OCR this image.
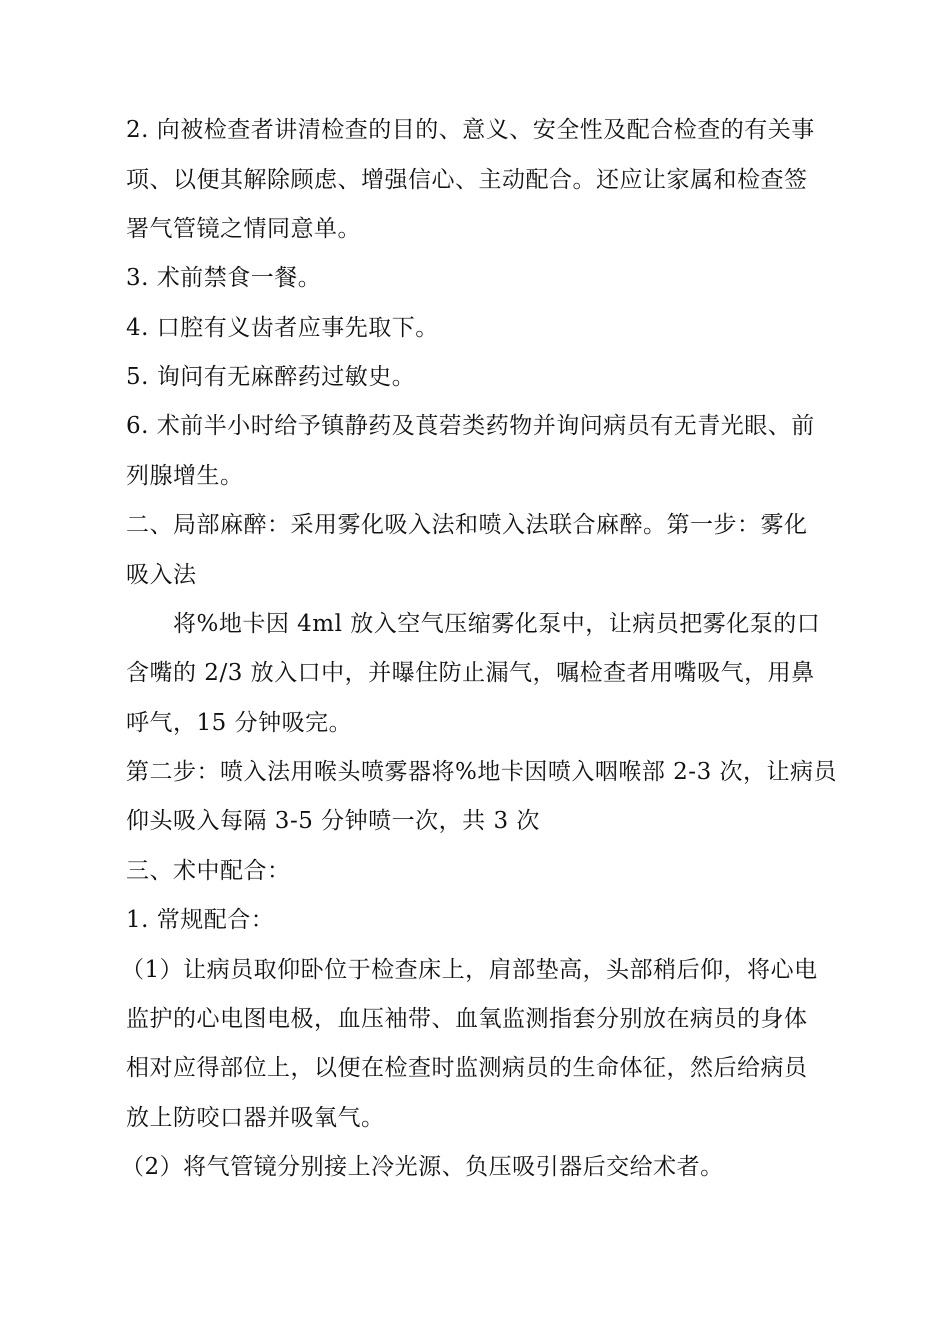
2. 向被检查者讲清检查的目的、意义、安全性及配合检查的有关事
项、以便其解除顾虑、增强信心、主动配合。还应让家属和检查签
署气管镜之情同意单。
3. 术前禁食一餐。
4. 口腔有义齿者应事先取下。
5. 询问有无麻醉药过敏史。
6. 术前半小时给予镇静药及莨菪类药物并询问病员有无青光眼、前
列腺增生。
二、局部麻醉：采用雾化吸入法和喷入法联合麻醉。第一步：雾化
吸入法
将%地卡因 4ml 放入空气压缩雾化泵中，让病员把雾化泵的口
含嘴的 2/3 放入口中，并曝住防止漏气，嘱检查者用嘴吸气，用鼻
呼气，15 分钟吸完。
第二步：喷入法用喉头喷雾器将%地卡因喷入咽喉部 2-3 次，让病员
仰头吸入每隔 3-5 分钟喷一次，共 3 次
三、术中配合：
1. 常规配合：
（1）让病员取仰卧位于检查床上，肩部垫高，头部稍后仰，将心电
监护的心电图电极，血压袖带、血氧监测指套分别放在病员的身体
相对应得部位上，以便在检查时监测病员的生命体征，然后给病员
放上防咬口器并吸氧气。
（2）将气管镜分别接上冷光源、负压吸引器后交给术者。
